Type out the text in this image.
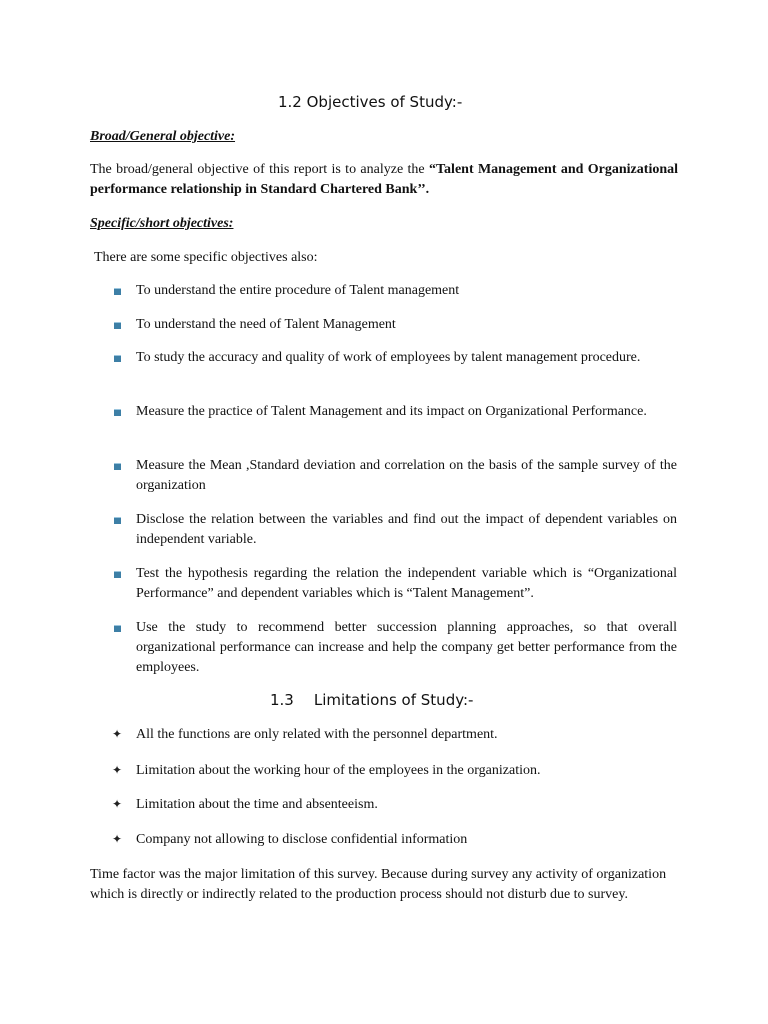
1.2 Objectives of Study:-
Broad/General objective:
The broad/general objective of this report is to analyze the “Talent Management and Organizational performance relationship in Standard Chartered Bank’’.
Specific/short objectives:
There are some specific objectives also:
To understand the entire procedure of Talent management
To understand the need of Talent Management
To study the accuracy and quality of work of employees by talent management procedure.
Measure the practice of Talent Management and its impact on Organizational Performance.
Measure the Mean ,Standard deviation and correlation on the basis of the sample survey of the organization
Disclose the relation between the variables and find out the impact of dependent variables on independent variable.
Test the hypothesis regarding the relation the independent variable which is “Organizational Performance” and dependent variables which is “Talent Management”.
Use the study to recommend better succession planning approaches, so that overall organizational performance can increase and help the company get better performance from the employees.
1.3 Limitations of Study:-
✦ All the functions are only related with the personnel department.
✦ Limitation about the working hour of the employees in the organization.
✦ Limitation about the time and absenteeism.
✦ Company not allowing to disclose confidential information
Time factor was the major limitation of this survey. Because during survey any activity of organization which is directly or indirectly related to the production process should not disturb due to survey.
